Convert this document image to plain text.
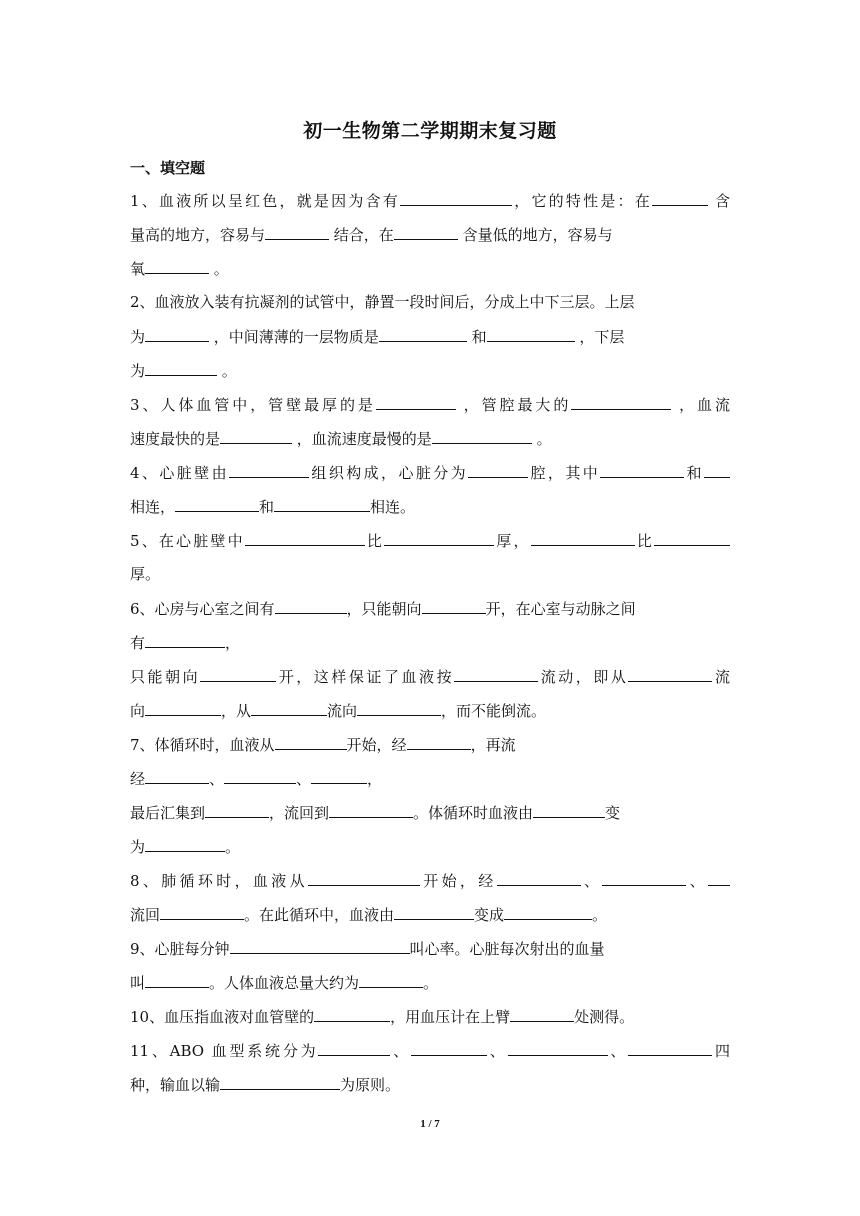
初一生物第二学期期末复习题
一、填空题
1、血液所以呈红色，就是因为含有	，它的特性是：在	含
量高的地方，容易与	结合，在	含量低的地方，容易与
氧	。
2、血液放入装有抗凝剂的试管中，静置一段时间后，分成上中下三层。上层
为	，中间薄薄的一层物质是	和	，下层
为	。
3、人体血管中，管壁最厚的是	，管腔最大的	，血流
速度最快的是	，血流速度最慢的是	。
4、心脏壁由	组织构成，心脏分为	腔，其中	和
相连，	和	相连。
5、在心脏壁中	比	厚，	比
厚。
6、心房与心室之间有	，只能朝向	开，在心室与动脉之间
有	，
只能朝向	开，这样保证了血液按	流动，即从	流
向	，从	流向	，而不能倒流。
7、体循环时，血液从	开始，经	，再流
经	、	、	，
最后汇集到	，流回到	。体循环时血液由	变
为	。
8、肺循环时，血液从	开始，经	、	、
流回	。在此循环中，血液由	变成	。
9、心脏每分钟	叫心率。心脏每次射出的血量
叫	。人体血液总量大约为	。
10、血压指血液对血管壁的	，用血压计在上臂	处测得。
11、ABO 血型系统分为	、	、	、	四
种，输血以输	为原则。
1 / 7
